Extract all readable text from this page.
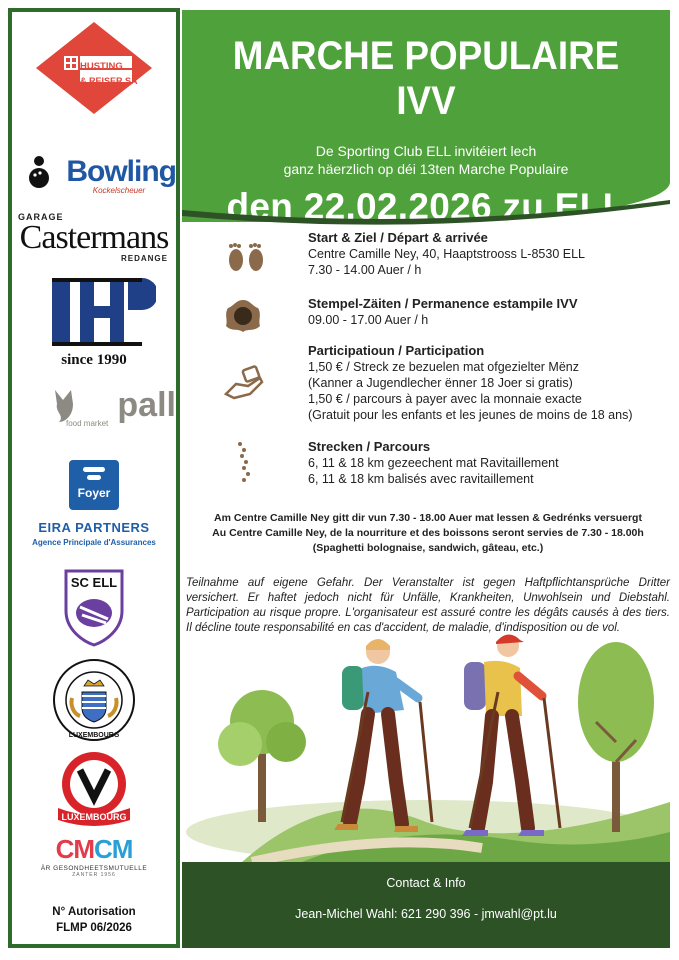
HUSTING
& REISER SA
Bowling
Kockelscheuer
GARAGE
Castermans
REDANGE
since 1990
pall
food market
Foyer
EIRA PARTNERS
Agence Principale d'Assurances
SC ELL
LUXEMBOURG
LUXEMBOURG
CMCM
ÄR GESONDHEETSMUTUELLE
ZANTER 1956
N° Autorisation
FLMP 06/2026
MARCHE POPULAIRE IVV
De Sporting Club ELL invitéiert lech
ganz häerzlich op déi 13ten Marche Populaire
den 22.02.2026 zu ELL
Start & Ziel / Départ & arrivée

Centre Camille Ney, 40, Haaptstrooss L-8530 ELL

7.30 - 14.00 Auer / h

Stempel-Zäiten / Permanence estampile IVV

09.00 - 17.00 Auer / h

Participatioun / Participation

1,50 € / Streck ze bezuelen mat ofgezielter Mënz

(Kanner a Jugendlecher ënner 18 Joer si gratis)

1,50 € / parcours à payer avec la monnaie exacte

(Gratuit pour les enfants et les jeunes de moins de 18 ans)

Strecken / Parcours

6, 11 & 18 km gezeechent mat Ravitaillement

6, 11 & 18 km balisés avec ravitaillement

Am Centre Camille Ney gitt dir vun 7.30 - 18.00 Auer mat lessen & Gedrénks versuergt
Au Centre Camille Ney, de la nourriture et des boissons seront servies de 7.30 - 18.00h
(Spaghetti bolognaise, sandwich, gâteau, etc.)
Teilnahme auf eigene Gefahr. Der Veranstalter ist gegen Haftpflichtansprüche Dritter versichert. Er haftet jedoch nicht für Unfälle, Krankheiten, Unwohlsein und Diebstahl. Participation au risque propre. L'organisateur est assuré contre les dégâts causés à des tiers. Il décline toute responsabilité en cas d'accident, de maladie, d'indisposition ou de vol.
Contact & Info
Jean-Michel Wahl: 621 290 396 - jmwahl@pt.lu
